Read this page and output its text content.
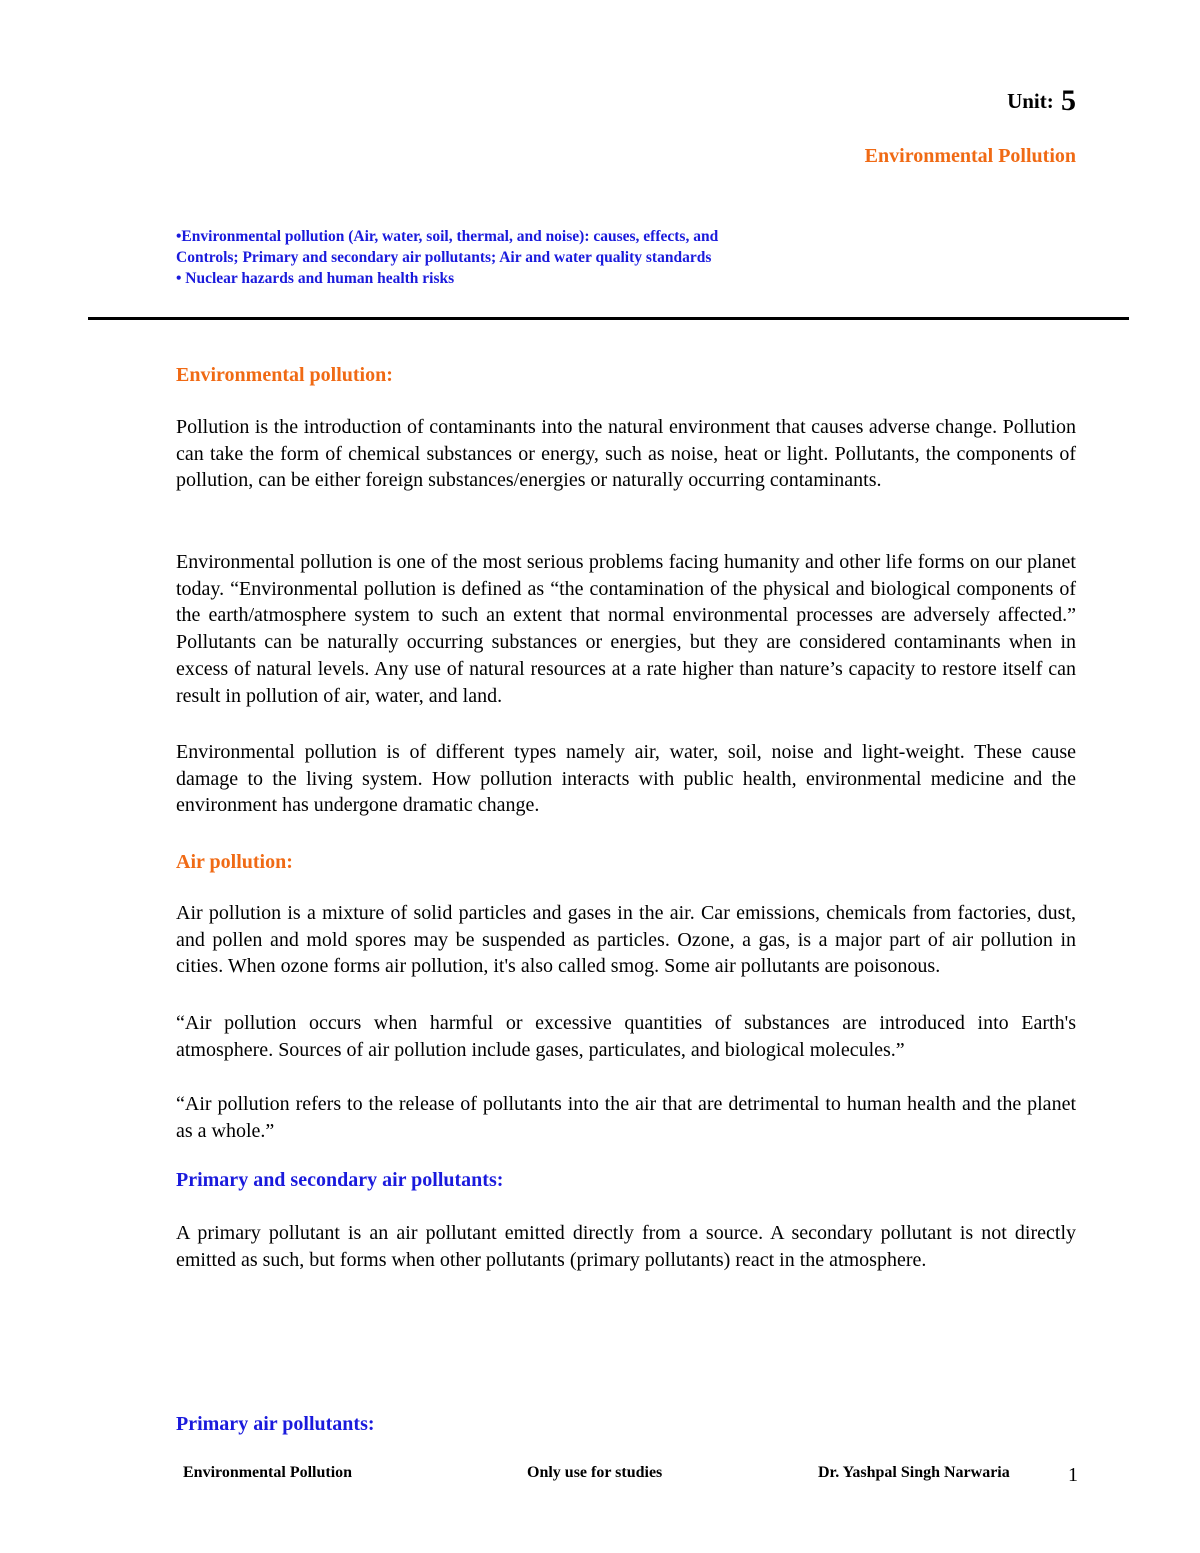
Unit: 5
Environmental Pollution
•Environmental pollution (Air, water, soil, thermal, and noise): causes, effects, and
Controls; Primary and secondary air pollutants; Air and water quality standards
• Nuclear hazards and human health risks
Environmental pollution:

Pollution is the introduction of contaminants into the natural environment that causes adverse change. Pollution can take the form of chemical substances or energy, such as noise, heat or light. Pollutants, the components of pollution, can be either foreign substances/energies or naturally occurring contaminants.

Environmental pollution is one of the most serious problems facing humanity and other life forms on our planet today. “Environmental pollution is defined as “the contamination of the physical and biological components of the earth/atmosphere system to such an extent that normal environmental processes are adversely affected.” Pollutants can be naturally occurring substances or energies, but they are considered contaminants when in excess of natural levels. Any use of natural resources at a rate higher than nature’s capacity to restore itself can result in pollution of air, water, and land.

Environmental pollution is of different types namely air, water, soil, noise and light-weight. These cause damage to the living system. How pollution interacts with public health, environmental medicine and the environment has undergone dramatic change.

Air pollution:

Air pollution is a mixture of solid particles and gases in the air. Car emissions, chemicals from factories, dust, and pollen and mold spores may be suspended as particles. Ozone, a gas, is a major part of air pollution in cities. When ozone forms air pollution, it's also called smog. Some air pollutants are poisonous.

“Air pollution occurs when harmful or excessive quantities of substances are introduced into Earth's atmosphere. Sources of air pollution include gases, particulates, and biological molecules.”

“Air pollution refers to the release of pollutants into the air that are detrimental to human health and the planet as a whole.”

Primary and secondary air pollutants:

A primary pollutant is an air pollutant emitted directly from a source. A secondary pollutant is not directly emitted as such, but forms when other pollutants (primary pollutants) react in the atmosphere.

Primary air pollutants:
Environmental Pollution	Only use for studies	Dr. Yashpal Singh Narwaria	1
